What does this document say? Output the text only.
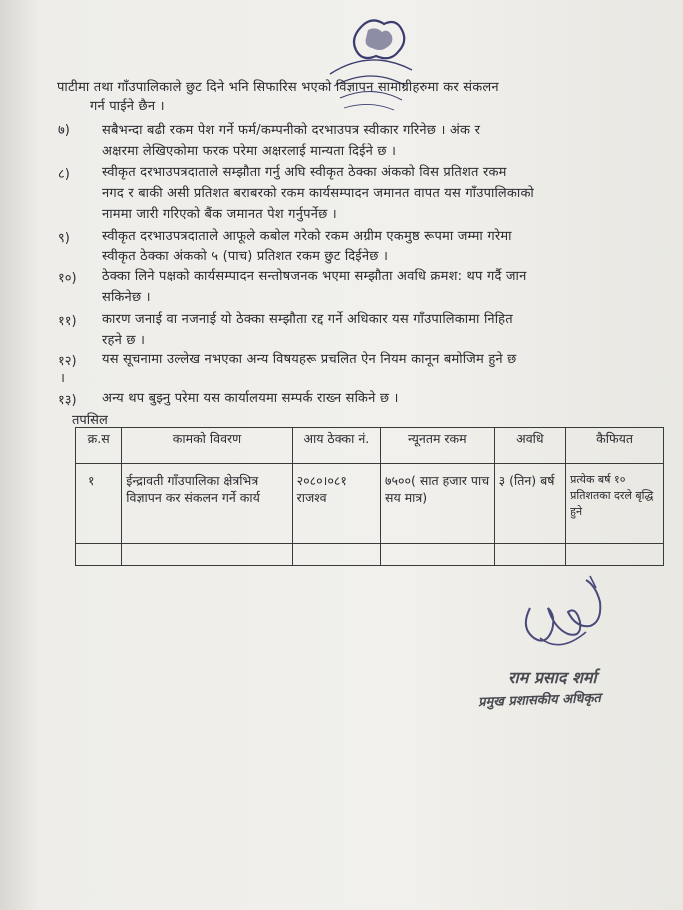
पाटीमा तथा गाँउपालिकाले छुट दिने भनि सिफारिस भएको विज्ञापन सामाग्रीहरुमा कर संकलन
गर्न पाईने छैन ।
७) सबैभन्दा बढी रकम पेश गर्ने फर्म/कम्पनीको दरभाउपत्र स्वीकार गरिनेछ । अंक र
अक्षरमा लेखिएकोमा फरक परेमा अक्षरलाई मान्यता दिईने छ ।
८) स्वीकृत दरभाउपत्रदाताले सम्झौता गर्नु अघि स्वीकृत ठेक्का अंकको विस प्रतिशत रकम
नगद र बाकी असी प्रतिशत बराबरको रकम कार्यसम्पादन जमानत वापत यस गाँउपालिकाको
नाममा जारी गरिएको बैंक जमानत पेश गर्नुपर्नेछ ।
९) स्वीकृत दरभाउपत्रदाताले आफूले कबोल गरेको रकम अग्रीम एकमुष्ठ रूपमा जम्मा गरेमा
स्वीकृत ठेक्का अंकको ५ (पाच) प्रतिशत रकम छुट दिईनेछ ।
१०) ठेक्का लिने पक्षको कार्यसम्पादन सन्तोषजनक भएमा सम्झौता अवधि क्रमश: थप गर्दै जान
सकिनेछ ।
११) कारण जनाई वा नजनाई यो ठेक्का सम्झौता रद्द गर्ने अधिकार यस गाँउपालिकामा निहित
रहने छ ।
१२) यस सूचनामा उल्लेख नभएका अन्य विषयहरू प्रचलित ऐन नियम कानून बमोजिम हुने छ
।
१३) अन्य थप बुझ्नु परेमा यस कार्यालयमा सम्पर्क राख्न सकिने छ ।
तपसिल
क्र.स	कामको विवरण	आय ठेक्का नं.	न्यूनतम रकम	अवधि	कैफियत
१	ईन्द्रावती गाँउपालिका क्षेत्रभित्र विज्ञापन कर संकलन गर्ने कार्य	२०८०।०८१ राजश्व	७५००( सात हजार पाच सय मात्र)	३ (तिन) बर्ष	प्रत्येक बर्ष १० प्रतिशतका दरले बृद्धि हुने

राम प्रसाद शर्मा
प्रमुख प्रशासकीय अधिकृत
